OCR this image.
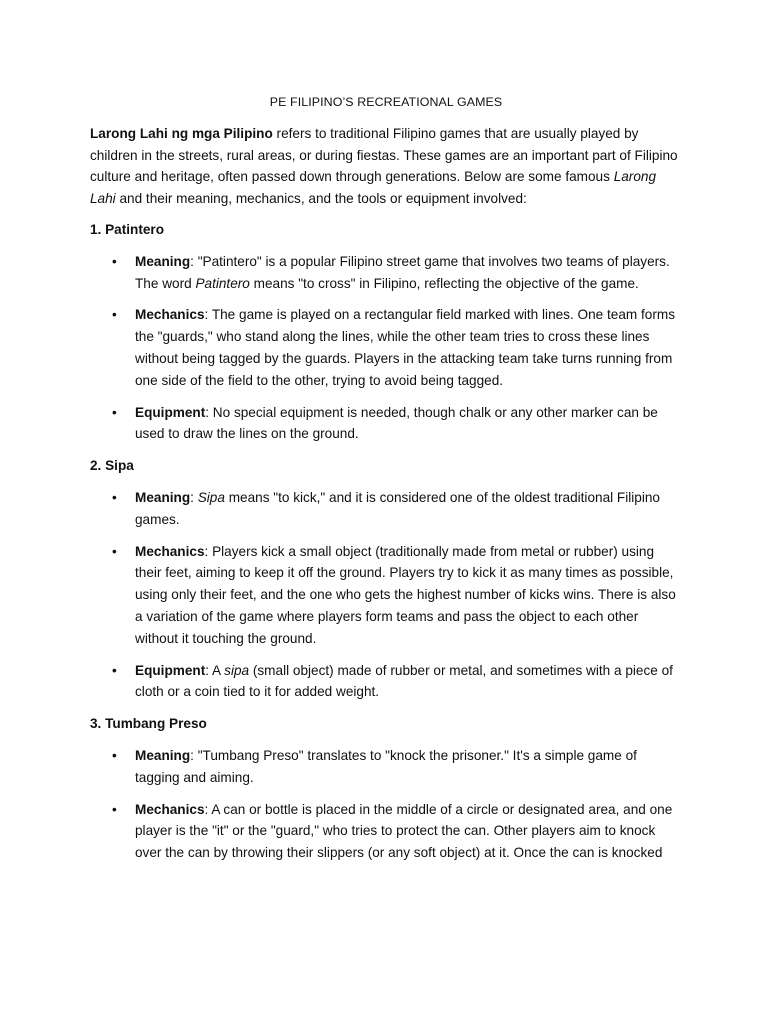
PE FILIPINO’S RECREATIONAL GAMES

Larong Lahi ng mga Pilipino refers to traditional Filipino games that are usually played by children in the streets, rural areas, or during fiestas. These games are an important part of Filipino culture and heritage, often passed down through generations. Below are some famous Larong Lahi and their meaning, mechanics, and the tools or equipment involved:

1. Patintero
• Meaning: "Patintero" is a popular Filipino street game that involves two teams of players. The word Patintero means "to cross" in Filipino, reflecting the objective of the game.
• Mechanics: The game is played on a rectangular field marked with lines. One team forms the "guards," who stand along the lines, while the other team tries to cross these lines without being tagged by the guards. Players in the attacking team take turns running from one side of the field to the other, trying to avoid being tagged.
• Equipment: No special equipment is needed, though chalk or any other marker can be used to draw the lines on the ground.
2. Sipa
• Meaning: Sipa means "to kick," and it is considered one of the oldest traditional Filipino games.
• Mechanics: Players kick a small object (traditionally made from metal or rubber) using their feet, aiming to keep it off the ground. Players try to kick it as many times as possible, using only their feet, and the one who gets the highest number of kicks wins. There is also a variation of the game where players form teams and pass the object to each other without it touching the ground.
• Equipment: A sipa (small object) made of rubber or metal, and sometimes with a piece of cloth or a coin tied to it for added weight.
3. Tumbang Preso
• Meaning: "Tumbang Preso" translates to "knock the prisoner." It's a simple game of tagging and aiming.
• Mechanics: A can or bottle is placed in the middle of a circle or designated area, and one player is the "it" or the "guard," who tries to protect the can. Other players aim to knock over the can by throwing their slippers (or any soft object) at it. Once the can is knocked
